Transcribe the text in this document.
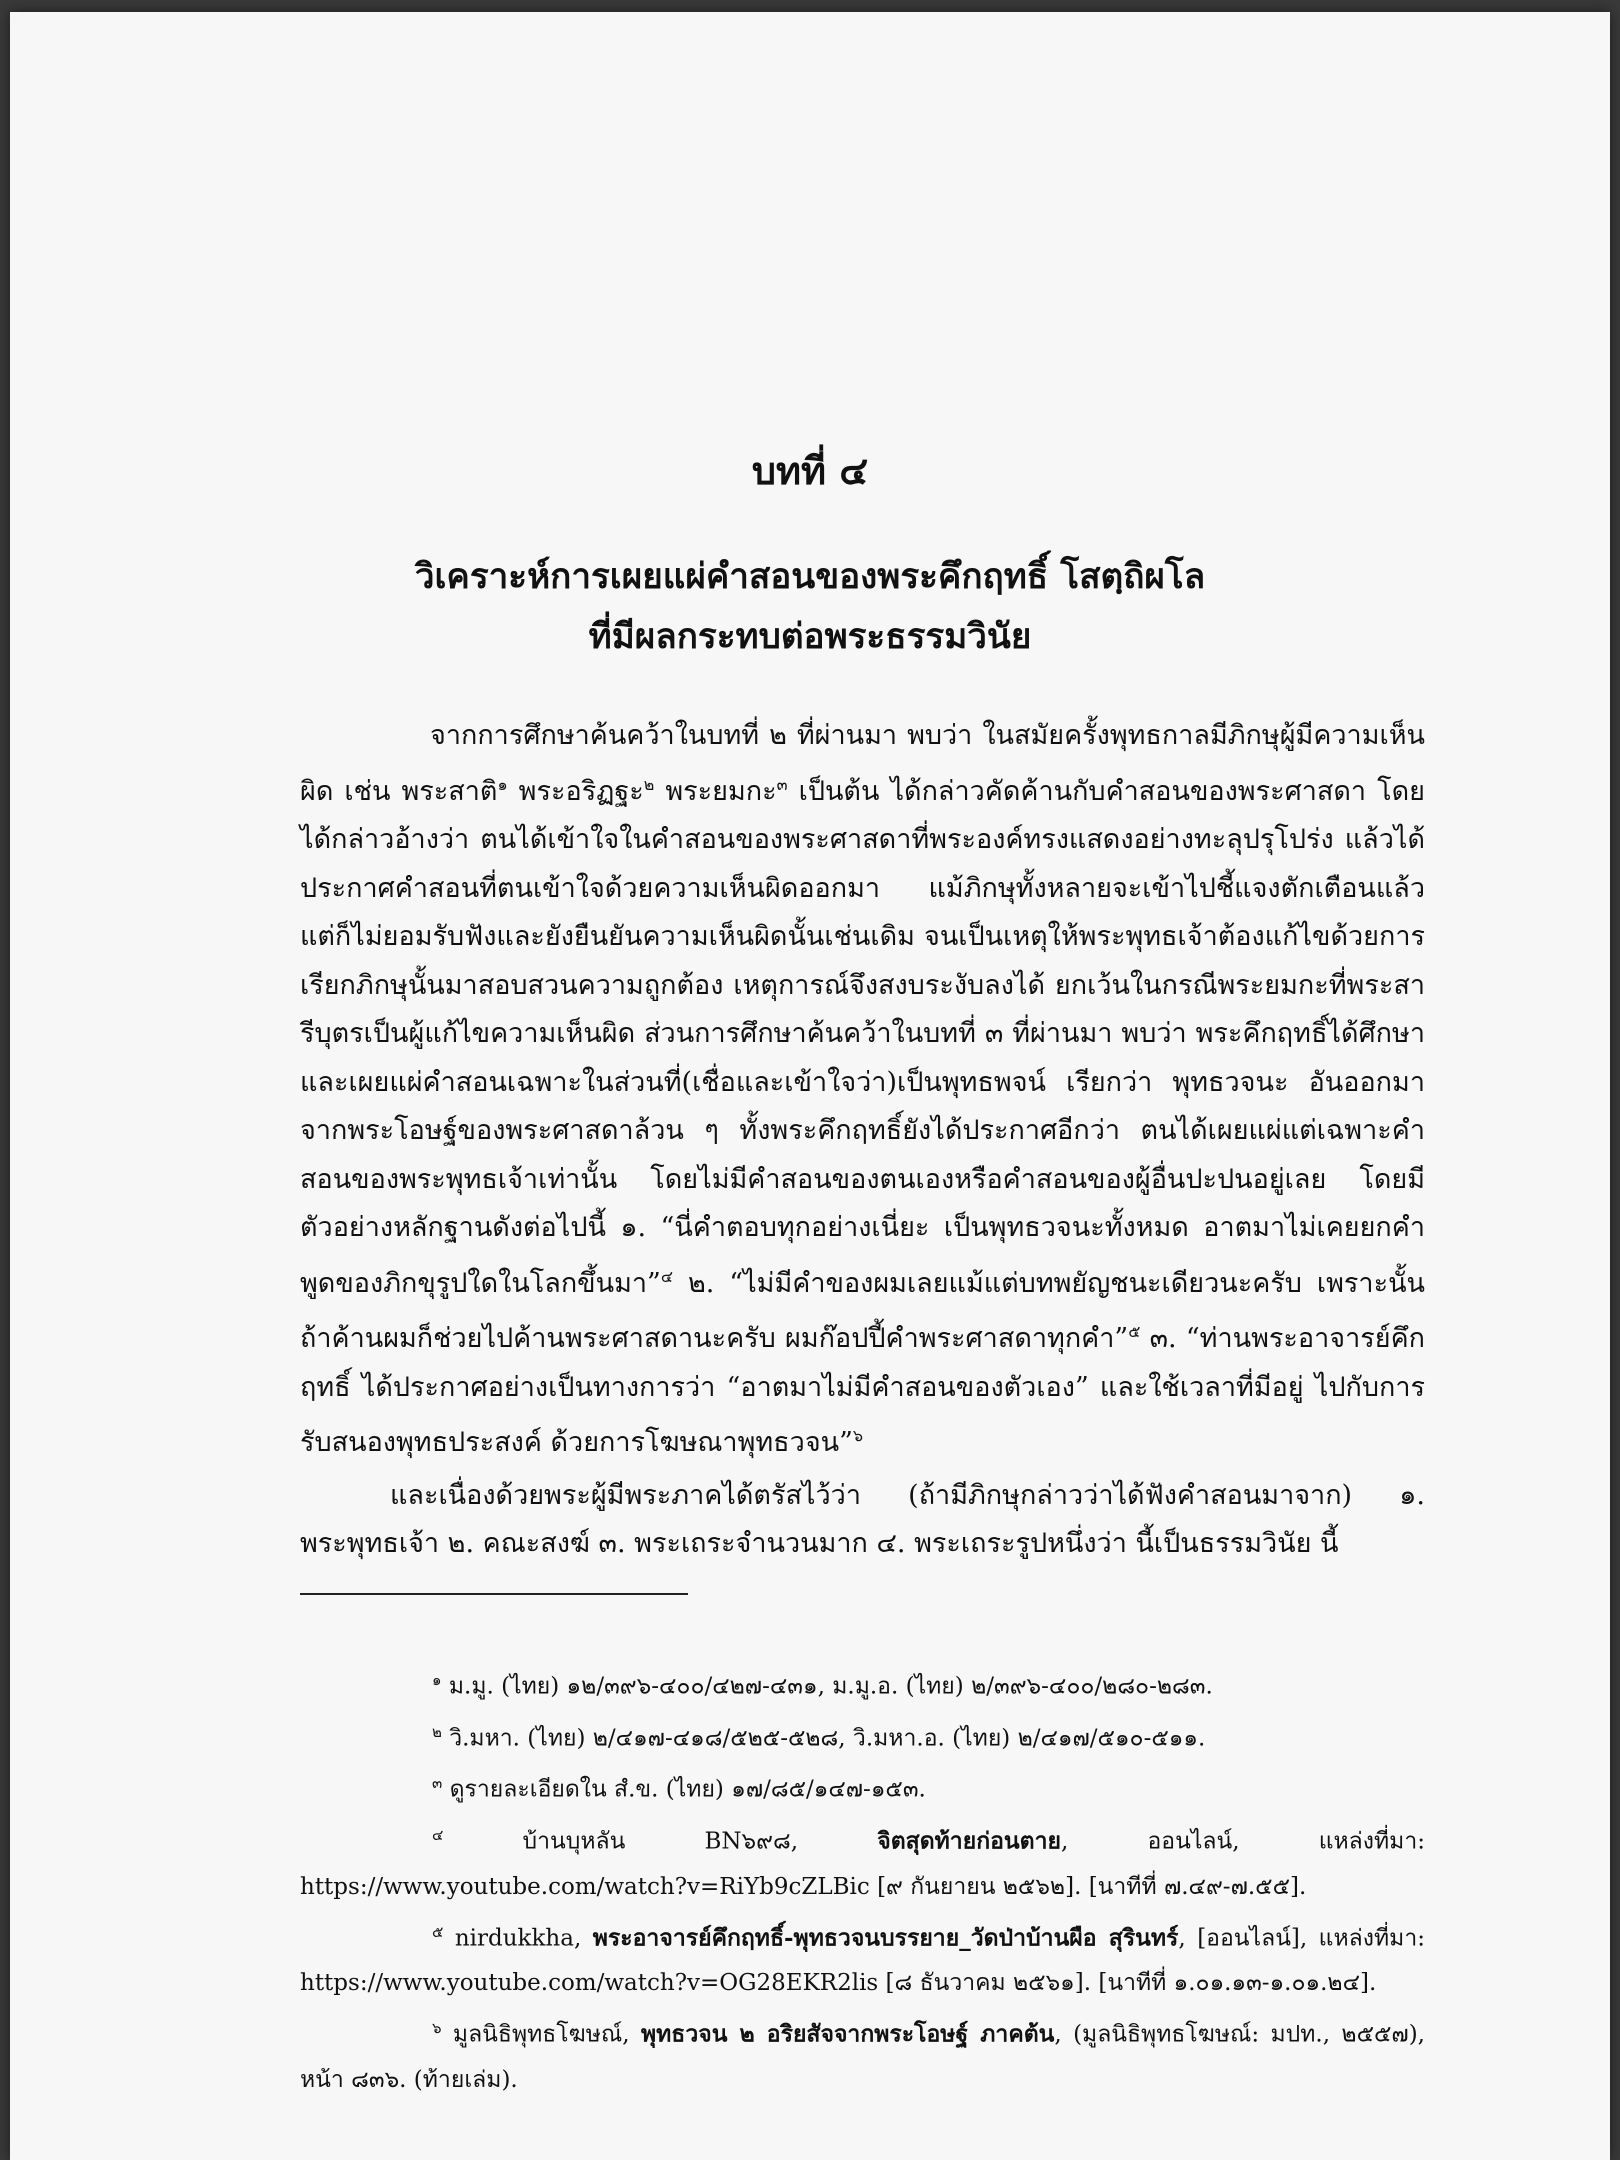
บทที่ ๔
วิเคราะห์การเผยแผ่คำสอนของพระคึกฤทธิ์ โสตฺถิผโล
ที่มีผลกระทบต่อพระธรรมวินัย

จากการศึกษาค้นคว้าในบทที่ ๒ ที่ผ่านมา พบว่า ในสมัยครั้งพุทธกาลมีภิกษุผู้มีความเห็นผิด เช่น พระสาติ$^๑$ พระอริฏฐะ$^๒$ พระยมกะ$^๓$ เป็นต้น ได้กล่าวคัดค้านกับคำสอนของพระศาสดา โดยได้กล่าวอ้างว่า ตนได้เข้าใจในคำสอนของพระศาสดาที่พระองค์ทรงแสดงอย่างทะลุปรุโปร่ง แล้วได้ประกาศคำสอนที่ตนเข้าใจด้วยความเห็นผิดออกมา แม้ภิกษุทั้งหลายจะเข้าไปชี้แจงตักเตือนแล้ว แต่ก็ไม่ยอมรับฟังและยังยืนยันความเห็นผิดนั้นเช่นเดิม จนเป็นเหตุให้พระพุทธเจ้าต้องแก้ไขด้วยการเรียกภิกษุนั้นมาสอบสวนความถูกต้อง เหตุการณ์จึงสงบระงับลงได้ ยกเว้นในกรณีพระยมกะที่พระสารีบุตรเป็นผู้แก้ไขความเห็นผิด ส่วนการศึกษาค้นคว้าในบทที่ ๓ ที่ผ่านมา พบว่า พระคึกฤทธิ์ได้ศึกษาและเผยแผ่คำสอนเฉพาะในส่วนที่(เชื่อและเข้าใจว่า)เป็นพุทธพจน์ เรียกว่า พุทธวจนะ อันออกมาจากพระโอษฐ์ของพระศาสดาล้วน ๆ ทั้งพระคึกฤทธิ์ยังได้ประกาศอีกว่า ตนได้เผยแผ่แต่เฉพาะคำสอนของพระพุทธเจ้าเท่านั้น โดยไม่มีคำสอนของตนเองหรือคำสอนของผู้อื่นปะปนอยู่เลย โดยมีตัวอย่างหลักฐานดังต่อไปนี้ ๑. “นี่คำตอบทุกอย่างเนี่ยะ เป็นพุทธวจนะทั้งหมด อาตมาไม่เคยยกคำพูดของภิกขุรูปใดในโลกขึ้นมา”$^๔$ ๒. “ไม่มีคำของผมเลยแม้แต่บทพยัญชนะเดียวนะครับ เพราะนั้นถ้าค้านผมก็ช่วยไปค้านพระศาสดานะครับ ผมก๊อปปี้คำพระศาสดาทุกคำ”$^๕$ ๓. “ท่านพระอาจารย์คึกฤทธิ์ ได้ประกาศอย่างเป็นทางการว่า “อาตมาไม่มีคำสอนของตัวเอง” และใช้เวลาที่มีอยู่ ไปกับการรับสนองพุทธประสงค์ ด้วยการโฆษณาพุทธวจน”$^๖$

และเนื่องด้วยพระผู้มีพระภาคได้ตรัสไว้ว่า (ถ้ามีภิกษุกล่าวว่าได้ฟังคำสอนมาจาก) ๑. พระพุทธเจ้า ๒. คณะสงฆ์ ๓. พระเถระจำนวนมาก ๔. พระเถระรูปหนึ่งว่า นี้เป็นธรรมวินัย นี้

$^๑$ ม.มู. (ไทย) ๑๒/๓๙๖-๔๐๐/๔๒๗-๔๓๑, ม.มู.อ. (ไทย) ๒/๓๙๖-๔๐๐/๒๘๐-๒๘๓.

$^๒$ วิ.มหา. (ไทย) ๒/๔๑๗-๔๑๘/๕๒๕-๕๒๘, วิ.มหา.อ. (ไทย) ๒/๔๑๗/๕๑๐-๕๑๑.

$^๓$ ดูรายละเอียดใน สํ.ข. (ไทย) ๑๗/๘๕/๑๔๗-๑๕๓.

$^๔$ บ้านบุหลัน BN๖๙๘, จิตสุดท้ายก่อนตาย, ออนไลน์, แหล่งที่มา: https://www.youtube.com/watch?v=RiYb9cZLBic [๙ กันยายน ๒๕๖๒]. [นาทีที่ ๗.๔๙-๗.๕๕].

$^๕$ nirdukkha, พระอาจารย์คึกฤทธิ์-พุทธวจนบรรยาย_วัดป่าบ้านผือ สุรินทร์, [ออนไลน์], แหล่งที่มา: https://www.youtube.com/watch?v=OG28EKR2lis [๘ ธันวาคม ๒๕๖๑]. [นาทีที่ ๑.๐๑.๑๓-๑.๐๑.๒๔].

$^๖$ มูลนิธิพุทธโฆษณ์, พุทธวจน ๒ อริยสัจจากพระโอษฐ์ ภาคต้น, (มูลนิธิพุทธโฆษณ์: มปท., ๒๕๕๗), หน้า ๘๓๖. (ท้ายเล่ม).
